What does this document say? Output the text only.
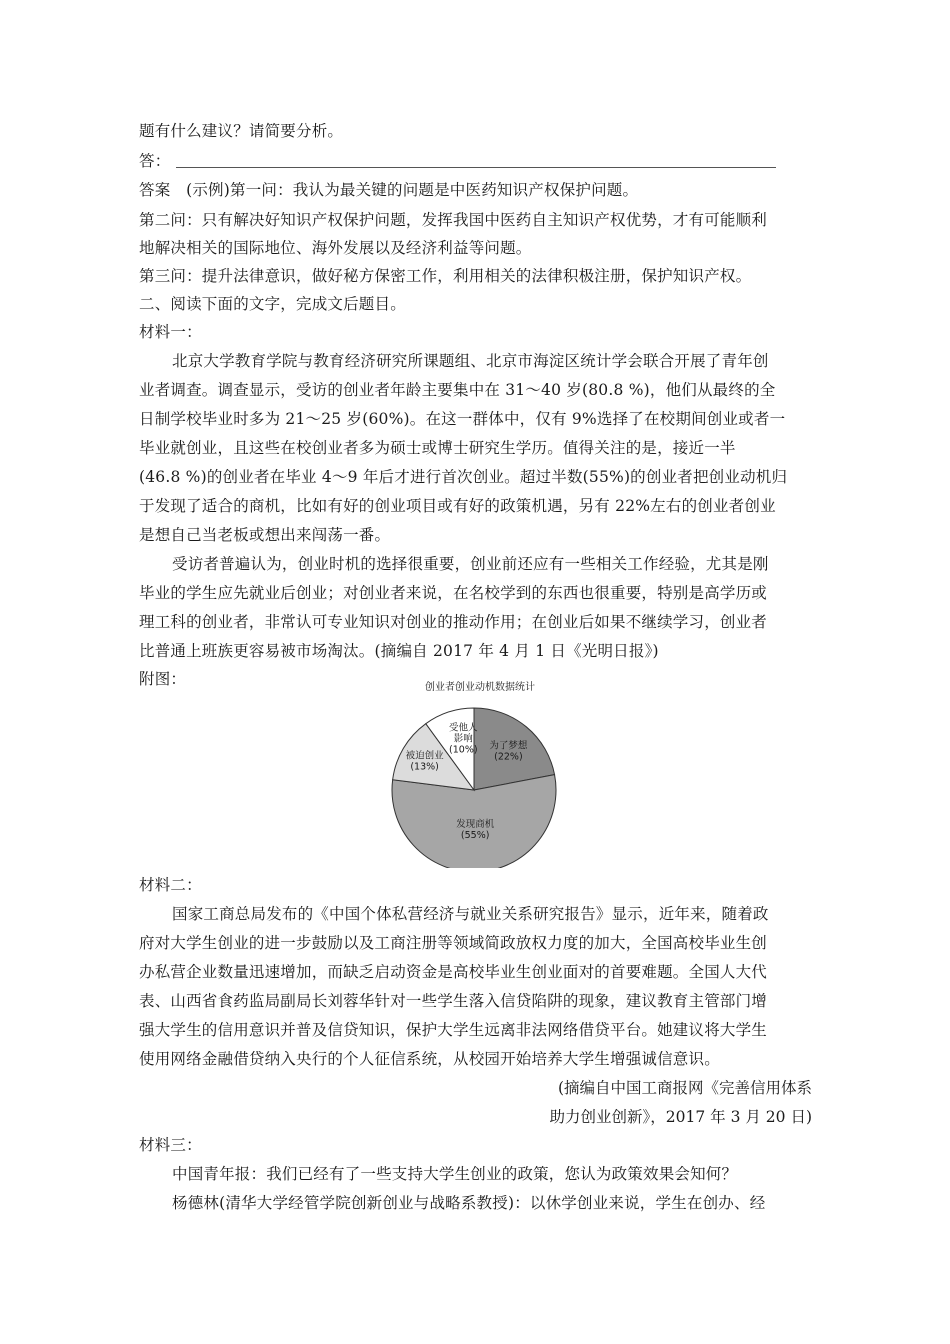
题有什么建议？请简要分析。
答：
答案　(示例)第一问：我认为最关键的问题是中医药知识产权保护问题。
第二问：只有解决好知识产权保护问题，发挥我国中医药自主知识产权优势，才有可能顺利
地解决相关的国际地位、海外发展以及经济利益等问题。
第三问：提升法律意识，做好秘方保密工作，利用相关的法律积极注册，保护知识产权。
二、阅读下面的文字，完成文后题目。
材料一：
北京大学教育学院与教育经济研究所课题组、北京市海淀区统计学会联合开展了青年创
业者调查。调查显示，受访的创业者年龄主要集中在 31～40 岁(80.8 %)，他们从最终的全
日制学校毕业时多为 21～25 岁(60%)。在这一群体中，仅有 9%选择了在校期间创业或者一
毕业就创业，且这些在校创业者多为硕士或博士研究生学历。值得关注的是，接近一半
(46.8 %)的创业者在毕业 4～9 年后才进行首次创业。超过半数(55%)的创业者把创业动机归
于发现了适合的商机，比如有好的创业项目或有好的政策机遇，另有 22%左右的创业者创业
是想自己当老板或想出来闯荡一番。
受访者普遍认为，创业时机的选择很重要，创业前还应有一些相关工作经验，尤其是刚
毕业的学生应先就业后创业；对创业者来说，在名校学到的东西也很重要，特别是高学历或
理工科的创业者，非常认可专业知识对创业的推动作用；在创业后如果不继续学习，创业者
比普通上班族更容易被市场淘汰。(摘编自 2017 年 4 月 1 日《光明日报》)
附图：	创业者创业动机数据统计
为了梦想
(22%)
发现商机
(55%)
被迫创业
(13%)
受他人
影响
(10%)
材料二：
国家工商总局发布的《中国个体私营经济与就业关系研究报告》显示，近年来，随着政
府对大学生创业的进一步鼓励以及工商注册等领域简政放权力度的加大，全国高校毕业生创
办私营企业数量迅速增加，而缺乏启动资金是高校毕业生创业面对的首要难题。全国人大代
表、山西省食药监局副局长刘蓉华针对一些学生落入信贷陷阱的现象，建议教育主管部门增
强大学生的信用意识并普及信贷知识，保护大学生远离非法网络借贷平台。她建议将大学生
使用网络金融借贷纳入央行的个人征信系统，从校园开始培养大学生增强诚信意识。
(摘编自中国工商报网《完善信用体系
助力创业创新》，2017 年 3 月 20 日)
材料三：
中国青年报：我们已经有了一些支持大学生创业的政策，您认为政策效果会知何？
杨德林(清华大学经管学院创新创业与战略系教授)：以休学创业来说，学生在创办、经
